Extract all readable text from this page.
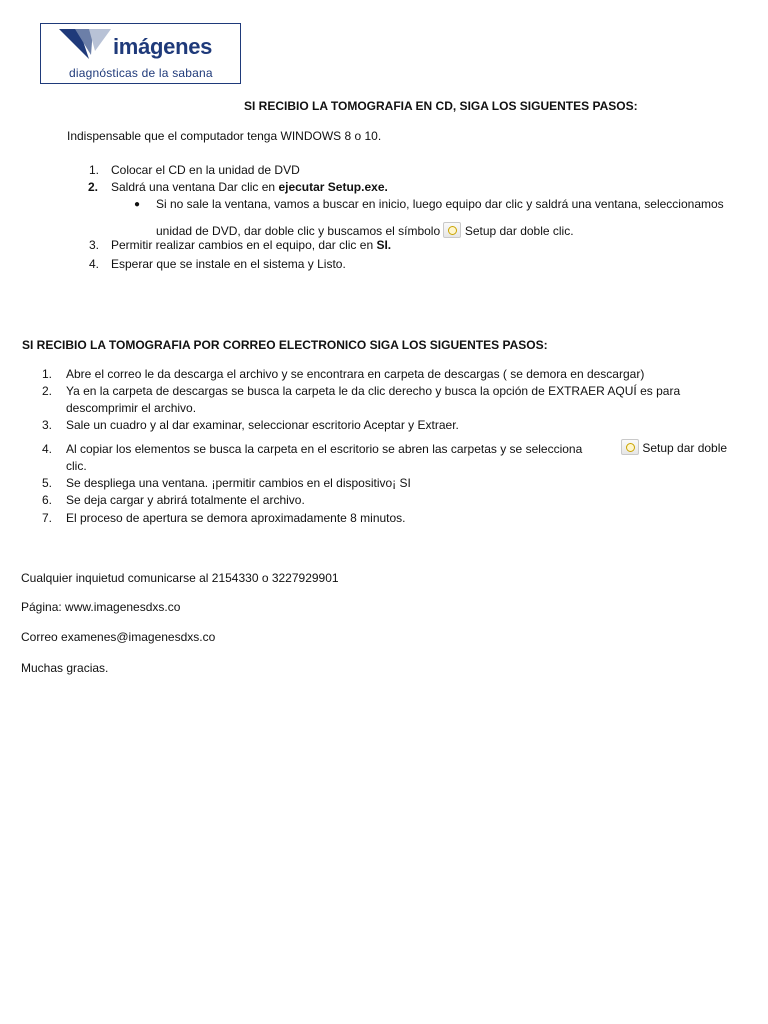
imágenes
diagnósticas de la sabana
SI RECIBIO LA TOMOGRAFIA EN CD, SIGA LOS SIGUENTES PASOS:
Indispensable que el computador tenga WINDOWS 8 o 10.
1. Colocar el CD en la unidad de DVD
2. Saldrá una ventana Dar clic en ejecutar Setup.exe.
● Si no sale la ventana, vamos a buscar en inicio, luego equipo dar clic y saldrá una ventana, seleccionamos
unidad de DVD, dar doble clic y buscamos el símbolo  Setup dar doble clic.
3. Permitir realizar cambios en el equipo, dar clic en SI.
4. Esperar que se instale en el sistema y Listo.
SI RECIBIO LA TOMOGRAFIA POR CORREO ELECTRONICO SIGA LOS SIGUENTES PASOS:
1. Abre el correo le da descarga el archivo y se encontrara en carpeta de descargas ( se demora en descargar)
2. Ya en la carpeta de descargas se busca la carpeta le da clic derecho y busca la opción de EXTRAER AQUÍ es para
descomprimir el archivo.
3. Sale un cuadro y al dar examinar, seleccionar escritorio Aceptar y Extraer.
4. Al copiar los elementos se busca la carpeta en el escritorio se abren las carpetas y se selecciona	Setup dar doble
clic.
5. Se despliega una ventana. ¡permitir cambios en el dispositivo¡ SI
6. Se deja cargar y abrirá totalmente el archivo.
7. El proceso de apertura se demora aproximadamente 8 minutos.
Cualquier inquietud comunicarse al 2154330 o 3227929901
Página: www.imagenesdxs.co
Correo examenes@imagenesdxs.co
Muchas gracias.
